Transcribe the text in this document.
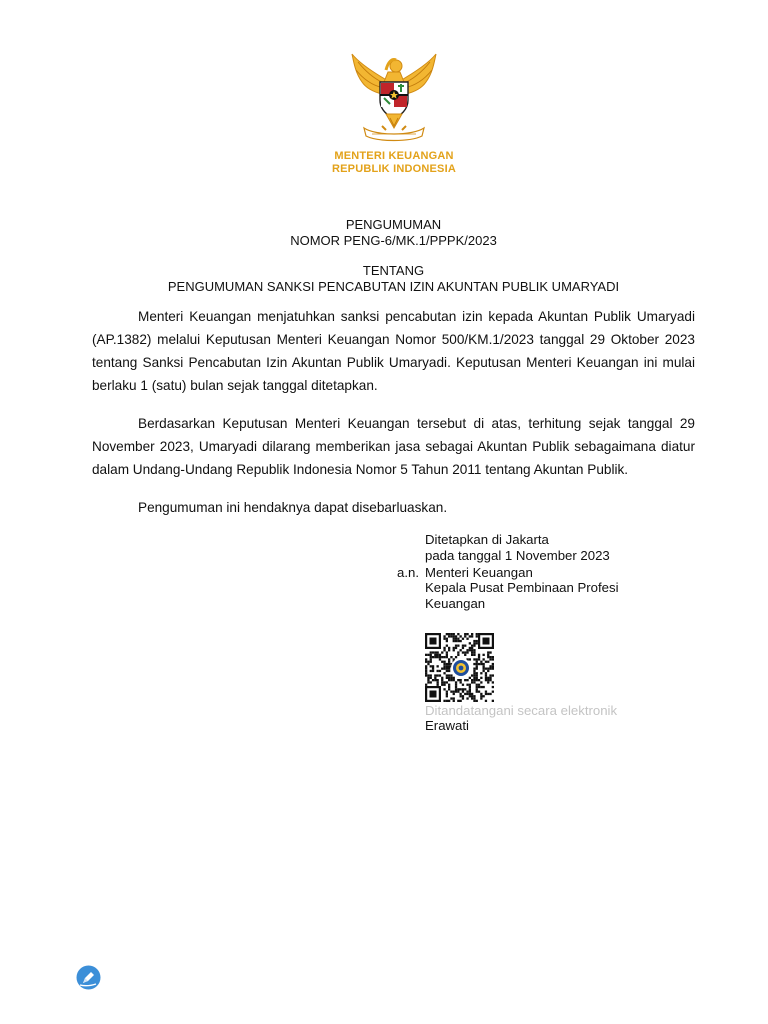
MENTERI KEUANGAN
REPUBLIK INDONESIA
PENGUMUMAN
NOMOR PENG-6/MK.1/PPPK/2023
TENTANG
PENGUMUMAN SANKSI PENCABUTAN IZIN AKUNTAN PUBLIK UMARYADI

Menteri Keuangan menjatuhkan sanksi pencabutan izin kepada Akuntan Publik Umaryadi (AP.1382) melalui Keputusan Menteri Keuangan Nomor 500/KM.1/2023 tanggal 29 Oktober 2023 tentang Sanksi Pencabutan Izin Akuntan Publik Umaryadi. Keputusan Menteri Keuangan ini mulai berlaku 1 (satu) bulan sejak tanggal ditetapkan.

Berdasarkan Keputusan Menteri Keuangan tersebut di atas, terhitung sejak tanggal 29 November 2023, Umaryadi dilarang memberikan jasa sebagai Akuntan Publik sebagaimana diatur dalam Undang-Undang Republik Indonesia Nomor 5 Tahun 2011 tentang Akuntan Publik.

Pengumuman ini hendaknya dapat disebarluaskan.

Ditetapkan di Jakarta
pada tanggal 1 November 2023
a.n. Menteri Keuangan
Kepala Pusat Pembinaan Profesi
Keuangan
Ditandatangani secara elektronik
Erawati
